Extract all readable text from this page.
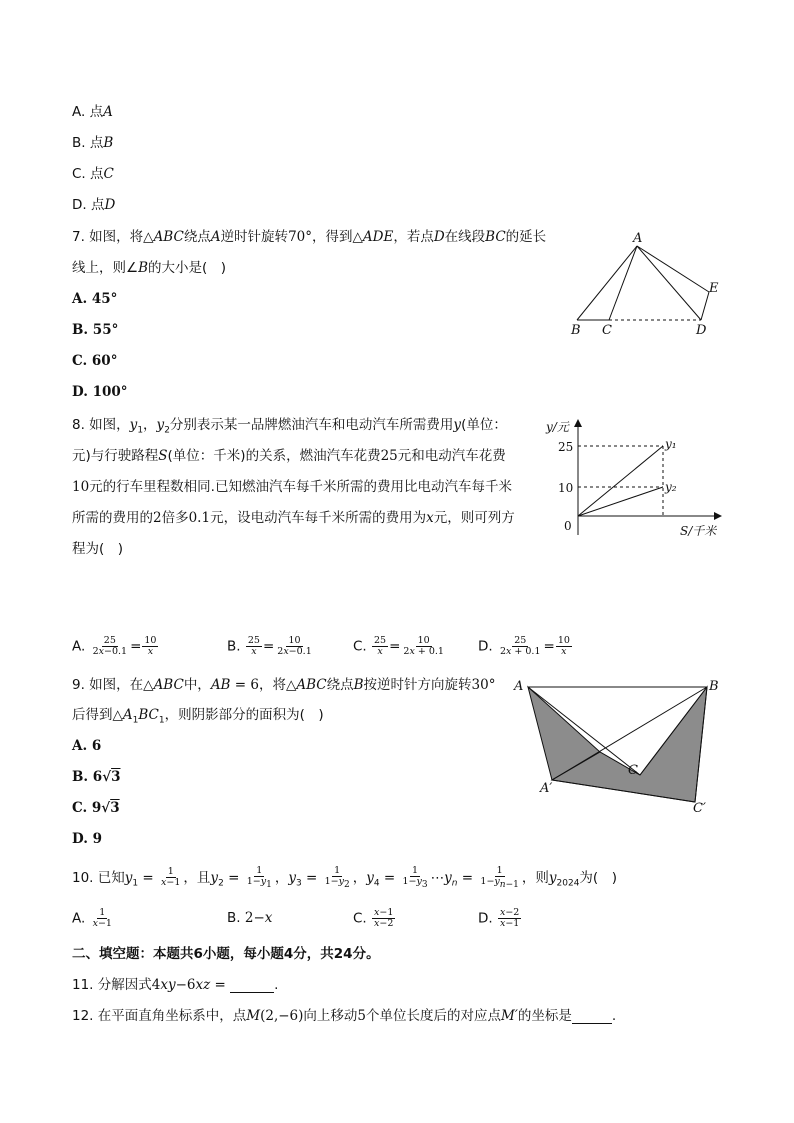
A. 点A
B. 点B
C. 点C
D. 点D
7. 如图，将△ABC绕点A逆时针旋转70°，得到△ADE，若点D在线段BC的延长
线上，则∠B的大小是(　)
A. 45°
B. 55°
C. 60°
D. 100°
A
B C	D
E
8. 如图，$y_1$，$y_2$分别表示某一品牌燃油汽车和电动汽车所需费用y(单位：
元)与行驶路程S(单位：千米)的关系，燃油汽车花费25元和电动汽车花费
10元的行车里程数相同.已知燃油汽车每千米所需的费用比电动汽车每千米
所需的费用的2倍多0.1元，设电动汽车每千米所需的费用为x元，则可列方
程为(　)
y/元
25
10
0	S/千米
y₁
y₂
A. $\frac{25}{2x-0.1} = \frac{10}{x}$	B. $\frac{25}{x} = \frac{10}{2x-0.1}$	C. $\frac{25}{x} = \frac{10}{2x + 0.1} D$. $\frac{25}{2x + 0.1} = \frac{10}{x}$
9. 如图，在△ABC中，AB = 6，将△ABC绕点B按逆时针方向旋转30°
后得到$\triangle A_1BC_1$，则阴影部分的面积为(　)
A. 6
B. 6√3
C. 9√3
D. 9
A	B
C
A′
C′
10. 已知$y_1 = \frac{1}{x-1}$ ，且$y_2 = \frac{1}{1-y_1}$ ，$y_3 = \frac{1}{1-y_2}$ ，$y_4 = \frac{1}{1-y_3}$ $\cdots y_n = \frac{1}{1-y_{n-1}}$ ，则$y_{2024}$为(　)
A. $\frac{1}{x-1}$	B. 2−x	C. $\frac{x-1}{x-2}$	D. $\frac{x-2}{x-1}$
二、填空题：本题共6小题，每小题4分，共24分。
11. 分解因式4xy−6xz =	.
12. 在平面直角坐标系中，点M(2,−6)向上移动5个单位长度后的对应点M′的坐标是	.
